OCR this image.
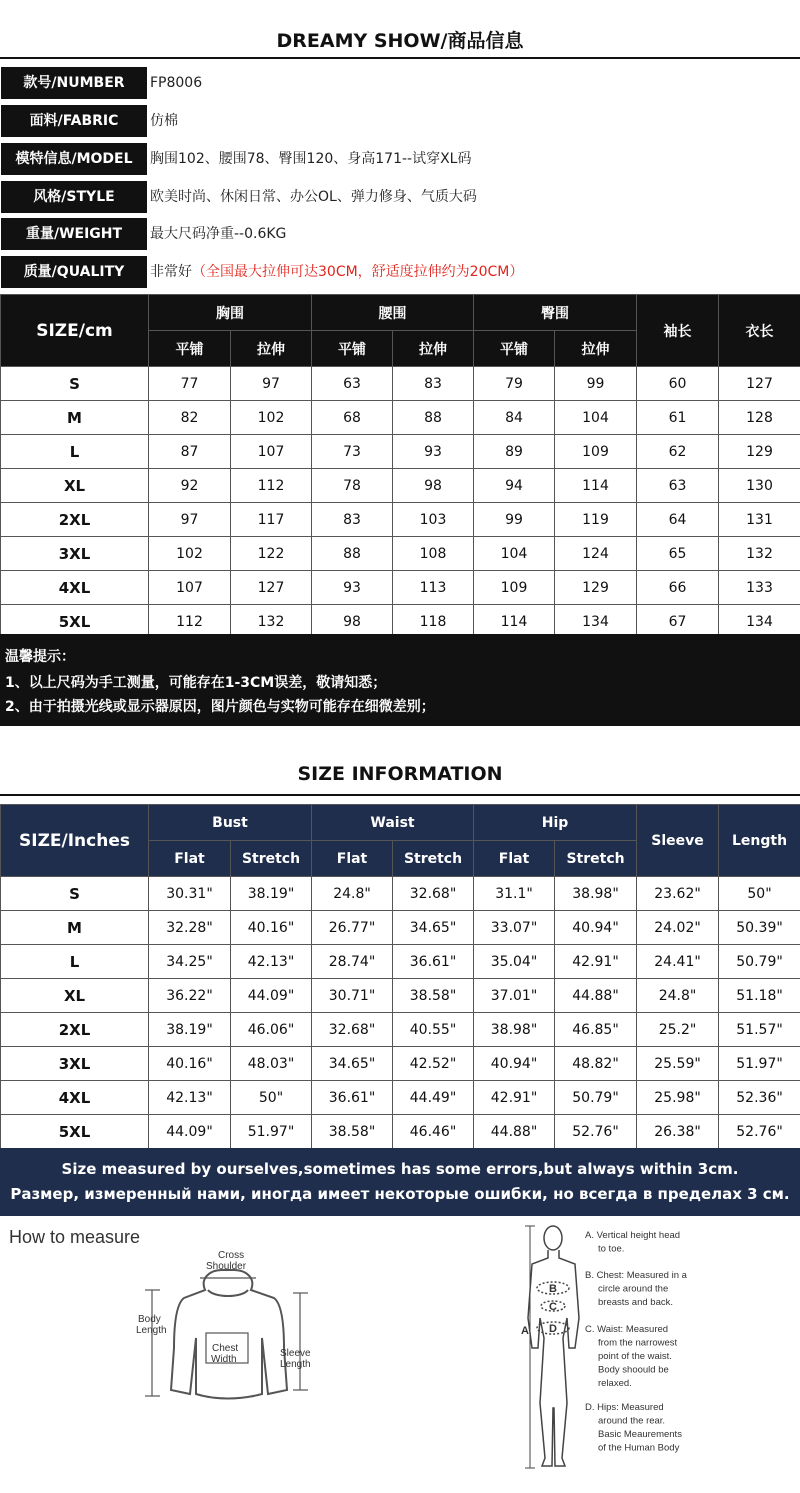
DREAMY SHOW/商品信息
款号/NUMBER	FP8006
面料/FABRIC	仿棉
模特信息/MODEL	胸围102、腰围78、臀围120、身高171--试穿XL码
风格/STYLE	欧美时尚、休闲日常、办公OL、弹力修身、气质大码
重量/WEIGHT	最大尺码净重--0.6KG
质量/QUALITY	非常好（全国最大拉伸可达30CM，舒适度拉伸约为20CM）
SIZE/cm	胸围		腰围		臀围		袖长	衣长
	平铺	拉伸	平铺	拉伸	平铺	拉伸		
S	77	97	63	83	79	99	60	127
M	82	102	68	88	84	104	61	128
L	87	107	73	93	89	109	62	129
XL	92	112	78	98	94	114	63	130
2XL	97	117	83	103	99	119	64	131
3XL	102	122	88	108	104	124	65	132
4XL	107	127	93	113	109	129	66	133
5XL	112	132	98	118	114	134	67	134
温馨提示：
1、以上尺码为手工测量，可能存在1-3CM误差，敬请知悉；
2、由于拍摄光线或显示器原因，图片颜色与实物可能存在细微差别；
SIZE INFORMATION
SIZE/Inches	Bust		Waist		Hip		Sleeve	Length
	Flat	Stretch	Flat	Stretch	Flat	Stretch		
S	30.31"	38.19"	24.8"	32.68"	31.1"	38.98"	23.62"	50"
M	32.28"	40.16"	26.77"	34.65"	33.07"	40.94"	24.02"	50.39"
L	34.25"	42.13"	28.74"	36.61"	35.04"	42.91"	24.41"	50.79"
XL	36.22"	44.09"	30.71"	38.58"	37.01"	44.88"	24.8"	51.18"
2XL	38.19"	46.06"	32.68"	40.55"	38.98"	46.85"	25.2"	51.57"
3XL	40.16"	48.03"	34.65"	42.52"	40.94"	48.82"	25.59"	51.97"
4XL	42.13"	50"	36.61"	44.49"	42.91"	50.79"	25.98"	52.36"
5XL	44.09"	51.97"	38.58"	46.46"	44.88"	52.76"	26.38"	52.76"
Size measured by ourselves,sometimes has some errors,but always within 3cm.
Размер, измеренный нами, иногда имеет некоторые ошибки, но всегда в пределах 3 см.
How to measure
Cross
Shoulder
Body
Length
Chest
Width
Sleeve
Length
A
B
C
D
A. Vertical height head
to toe.
B. Chest: Measured in a
circle around the
breasts and back.
C. Waist: Measured
from the narrowest
point of the waist.
Body shoould be
relaxed.
D. Hips: Measured
around the rear.
Basic Meaurements
of the Human Body
